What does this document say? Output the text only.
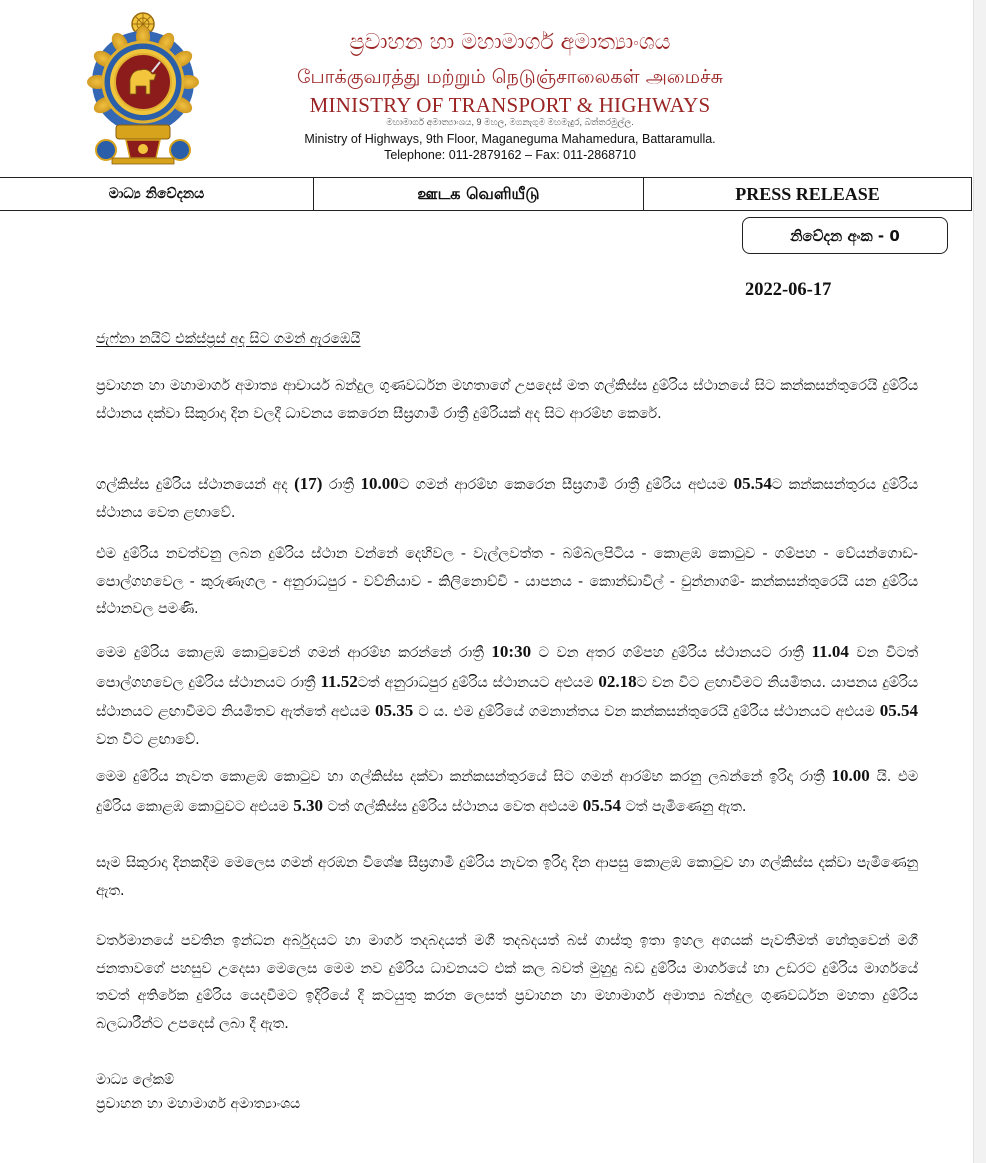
ප්‍රවාහන හා මහාමාර්ග අමාත්‍යාංශය
போக்குவரத்து மற்றும் நெடுஞ்சாலைகள் அமைச்சு
MINISTRY OF TRANSPORT & HIGHWAYS
මහාමාර්ග අමාත්‍යාංශය, 9 මහල, මගනැගුම මහමැදුර, බත්තරමුල්ල.
Ministry of Highways, 9th Floor, Maganeguma Mahamedura, Battaramulla.
Telephone: 011-2879162 – Fax: 011-2868710
මාධ්‍ය නිවේදනය	ஊடக வெளியீடு	PRESS RELEASE
නිවේදන අංක - 0
2022-06-17
ජැෆ්නා නයිට් එක්ස්ප්‍රස් අද සිට ගමන් ඇරඹෙයි
ප්‍රවාහන හා මහාමාර්ග අමාත්‍ය ආචාර්ය බන්දුල ගුණවර්ධන මහතාගේ උපදෙස් මත ගල්කිස්ස දුම්රිය ස්ථානයේ සිට කන්කසන්තුරෙයි දුම්රිය ස්ථානය දක්වා සිකුරාදා දින වලදී ධාවනය කෙරෙන සීඝ්‍රගාමී රාත්‍රී දුම්රියක් අද සිට ආරම්භ කෙරේ.
ගල්කිස්ස දුම්රිය ස්ථානයෙන් අද (17) රාත්‍රී 10.00ට ගමන් ආරම්භ කෙරෙන සීඝ්‍රගාමී රාත්‍රී දුම්රිය අළුයම 05.54ට කන්කසන්තුරය දුම්රිය ස්ථානය වෙත ළඟාවේ.
එම දුම්රිය නවත්වනු ලබන දුම්රිය ස්ථාන වන්නේ දෙහිවල - වැල්ලවත්ත - බම්බලපිටිය - කොළඹ කොටුව - ගම්පහ - වේයන්ගොඩ- පොල්ගහවෙල - කුරුණෑගල - අනුරාධපුර - වව්නියාව - කිලිනොච්චි - යාපනය - කොන්ඩාවිල් - චුන්නාගම්- කන්කසන්තුරෙයි යන දුම්රිය ස්ථානවල පමණි.
මෙම දුම්රිය කොළඹ කොටුවෙන් ගමන් ආරම්භ කරන්නේ රාත්‍රී 10:30 ට වන අතර ගම්පහ දුම්රිය ස්ථානයට රාත්‍රී 11.04 වන විටත් පොල්ගහවෙල දුම්රිය ස්ථානයට රාත්‍රී 11.52ටත් අනුරාධපුර දුම්රිය ස්ථානයට අළුයම 02.18ට වන විට ළඟාවීමට නියමිතය. යාපනය දුම්රිය ස්ථානයට ළඟාවීමට නියමිතව ඇත්තේ අළුයම 05.35 ට ය. එම දුම්රියේ ගමනාන්තය වන කන්කසන්තුරෙයි දුම්රිය ස්ථානයට අළුයම 05.54 වන විට ළඟාවේ.
මෙම දුම්රිය නැවත කොළඹ කොටුව හා ගල්කිස්ස දක්වා කන්කසන්තුරයේ සිට ගමන් ආරම්භ කරනු ලබන්නේ ඉරිදා රාත්‍රී 10.00 යි. එම දුම්රිය කොළඹ කොටුවට අළුයම 5.30 ටත් ගල්කිස්ස දුම්රිය ස්ථානය වෙත අළුයම 05.54 ටත් පැමිණෙනු ඇත.
සෑම සිකුරාදා දිනකදීම මෙලෙස ගමන් අරඹන විශේෂ සීඝ්‍රගාමී දුම්රිය නැවත ඉරිදා දින ආපසු කොළඹ කොටුව හා ගල්කිස්ස දක්වා පැමිණෙනු ඇත.
වර්තමානයේ පවතින ඉන්ධන අර්බුදයට හා මාර්ග තදබදයත් මගී තදබදයත් බස් ගාස්තු ඉතා ඉහල අගයක් පැවතීමත් හේතුවෙන් මගී ජනතාවගේ පහසුව උදෙසා මෙලෙස මෙම නව දුම්රිය ධාවනයට එක් කල බවත් මුහුදු බඩ දුම්රිය මාර්ගයේ හා උඩරට දුම්රිය මාර්ගයේ තවත් අතිරේක දුම්රිය යෙදවීමට ඉදිරියේ දී කටයුතු කරන ලෙසත් ප්‍රවාහන හා මහාමාර්ග අමාත්‍ය බන්දුල ගුණවර්ධන මහතා දුම්රිය බලධාරීන්ට උපදෙස් ලබා දී ඇත.
මාධ්‍ය ලේකම්
ප්‍රවාහන හා මහාමාර්ග අමාත්‍යාංශය
